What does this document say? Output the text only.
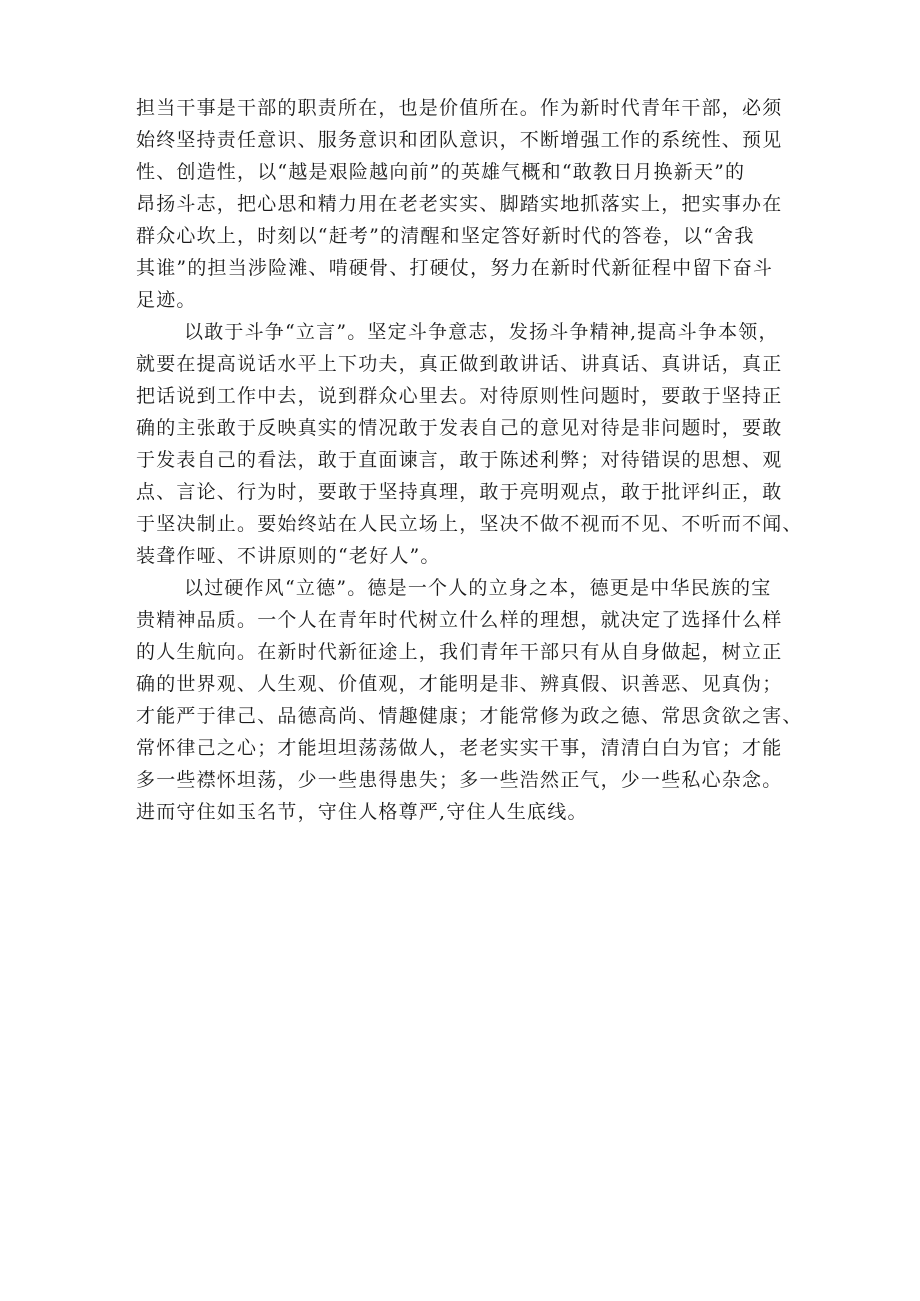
担当干事是干部的职责所在，也是价值所在。作为新时代青年干部，必须
始终坚持责任意识、服务意识和团队意识，不断增强工作的系统性、预见
性、创造性，以“越是艰险越向前”的英雄气概和“敢教日月换新天”的
昂扬斗志，把心思和精力用在老老实实、脚踏实地抓落实上，把实事办在
群众心坎上，时刻以“赶考”的清醒和坚定答好新时代的答卷，以“舍我
其谁”的担当涉险滩、啃硬骨、打硬仗，努力在新时代新征程中留下奋斗
足迹。
以敢于斗争“立言”。坚定斗争意志，发扬斗争精神,提高斗争本领，
就要在提高说话水平上下功夫，真正做到敢讲话、讲真话、真讲话，真正
把话说到工作中去，说到群众心里去。对待原则性问题时，要敢于坚持正
确的主张敢于反映真实的情况敢于发表自己的意见对待是非问题时，要敢
于发表自己的看法，敢于直面谏言，敢于陈述利弊；对待错误的思想、观
点、言论、行为时，要敢于坚持真理，敢于亮明观点，敢于批评纠正，敢
于坚决制止。要始终站在人民立场上，坚决不做不视而不见、不听而不闻、
装聋作哑、不讲原则的“老好人”。
以过硬作风“立德”。德是一个人的立身之本，德更是中华民族的宝
贵精神品质。一个人在青年时代树立什么样的理想，就决定了选择什么样
的人生航向。在新时代新征途上，我们青年干部只有从自身做起，树立正
确的世界观、人生观、价值观，才能明是非、辨真假、识善恶、见真伪；
才能严于律己、品德高尚、情趣健康；才能常修为政之德、常思贪欲之害、
常怀律己之心；才能坦坦荡荡做人，老老实实干事，清清白白为官；才能
多一些襟怀坦荡，少一些患得患失；多一些浩然正气，少一些私心杂念。
进而守住如玉名节，守住人格尊严,守住人生底线。
